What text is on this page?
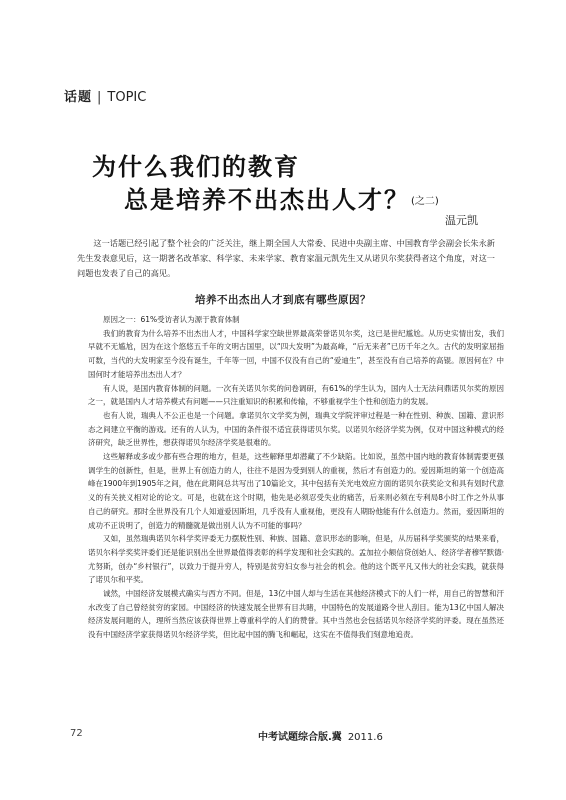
话题 | TOPIC
为什么我们的教育
总是培养不出杰出人才？(之二)
温元凯
这一话题已经引起了整个社会的广泛关注，继上期全国人大常委、民进中央副主席、中国教育学会副会长朱永新先生发表意见后，这一期著名改革家、科学家、未来学家、教育家温元凯先生又从诺贝尔奖获得者这个角度，对这一问题也发表了自己的高见。
培养不出杰出人才到底有哪些原因？

原因之一：61%受访者认为源于教育体制

我们的教育为什么培养不出杰出人才，中国科学家空缺世界最高荣誉诺贝尔奖，这已是世纪尴尬。从历史实情出发，我们早就不无尴尬，因为在这个悠悠五千年的文明古国里，以“四大发明”为最高峰，“后无来者”已历千年之久。古代的发明家屈指可数，当代的大发明家至今没有诞生，千年等一回，中国不仅没有自己的“爱迪生”，甚至没有自己培养的高锟。原因何在？中国何时才能培养出杰出人才？

有人说，是国内教育体制的问题。一次有关诺贝尔奖的问卷调研，有61%的学生认为，国内人士无法问鼎诺贝尔奖的原因之一，就是国内人才培养模式有问题——只注重知识的积累和传输，不够重视学生个性和创造力的发展。

也有人说，瑞典人不公正也是一个问题。拿诺贝尔文学奖为例，瑞典文学院评审过程是一种在性别、种族、国籍、意识形态之间建立平衡的游戏。还有的人认为，中国的条件很不适宜获得诺贝尔奖。以诺贝尔经济学奖为例，仅对中国这种模式的经济研究，缺乏世界性，想获得诺贝尔经济学奖是很难的。

这些解释或多或少都有些合理的地方，但是，这些解释里却潜藏了不少缺陷。比如说，虽然中国内地的教育体制需要更强调学生的创新性，但是，世界上有创造力的人，往往不是因为受到别人的重视，然后才有创造力的。爱因斯坦的第一个创造高峰在1900年到1905年之间，他在此期间总共写出了10篇论文，其中包括有关光电效应方面的诺贝尔获奖论文和具有划时代意义的有关狭义相对论的论文。可是，也就在这个时期，他先是必须忍受失业的痛苦，后来则必须在专利局8小时工作之外从事自己的研究。那时全世界没有几个人知道爱因斯坦，几乎没有人重视他，更没有人期盼他能有什么创造力。然而，爱因斯坦的成功不正说明了，创造力的精髓就是做出别人认为不可能的事吗？

又如，虽然瑞典诺贝尔科学奖评委无力摆脱性别、种族、国籍、意识形态的影响，但是，从历届科学奖颁奖的结果来看，诺贝尔科学奖奖评委们还是能识别出全世界最值得表彰的科学发现和社会实践的。孟加拉小额信贷创始人、经济学者穆罕默德·尤努斯，创办“乡村银行”，以致力于提升穷人，特别是贫穷妇女参与社会的机会。他的这个既平凡又伟大的社会实践，就获得了诺贝尔和平奖。

诚然，中国经济发展模式确实与西方不同。但是，13亿中国人却与生活在其他经济模式下的人们一样，用自己的智慧和汗水改变了自己曾经贫穷的家园。中国经济的快速发展全世界有目共睹，中国特色的发展道路令世人刮目。能为13亿中国人解决经济发展问题的人，理所当然应该获得世界上尊重科学的人们的赞誉。其中当然也会包括诺贝尔经济学奖的评委。现在虽然还没有中国经济学家获得诺贝尔经济学奖，但比起中国的腾飞和崛起，这实在不值得我们刻意地追责。

72	中考试题综合版.冀 2011.6
